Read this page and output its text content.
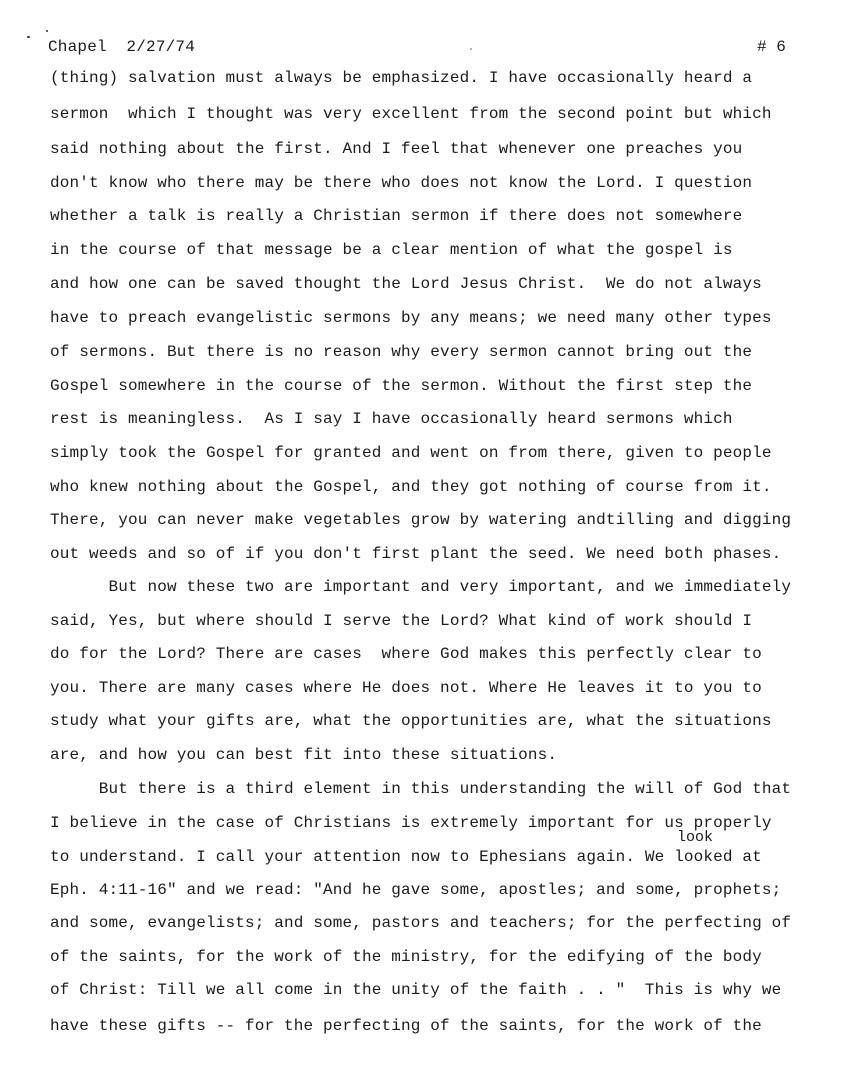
Chapel  2/27/74	# 6
(thing) salvation must always be emphasized. I have occasionally heard a
sermon  which I thought was very excellent from the second point but which
said nothing about the first. And I feel that whenever one preaches you
don't know who there may be there who does not know the Lord. I question
whether a talk is really a Christian sermon if there does not somewhere
in the course of that message be a clear mention of what the gospel is
and how one can be saved thought the Lord Jesus Christ.  We do not always
have to preach evangelistic sermons by any means; we need many other types
of sermons. But there is no reason why every sermon cannot bring out the
Gospel somewhere in the course of the sermon. Without the first step the
rest is meaningless.  As I say I have occasionally heard sermons which
simply took the Gospel for granted and went on from there, given to people
who knew nothing about the Gospel, and they got nothing of course from it.
There, you can never make vegetables grow by watering andtilling and digging
out weeds and so of if you don't first plant the seed. We need both phases.
But now these two are important and very important, and we immediately
said, Yes, but where should I serve the Lord? What kind of work should I
do for the Lord? There are cases  where God makes this perfectly clear to
you. There are many cases where He does not. Where He leaves it to you to
study what your gifts are, what the opportunities are, what the situations
are, and how you can best fit into these situations.
But there is a third element in this understanding the will of God that
I believe in the case of Christians is extremely important for us properly
look
to understand. I call your attention now to Ephesians again. We looked at
Eph. 4:11-16" and we read: "And he gave some, apostles; and some, prophets;
and some, evangelists; and some, pastors and teachers; for the perfecting of
of the saints, for the work of the ministry, for the edifying of the body
of Christ: Till we all come in the unity of the faith . . "  This is why we
have these gifts -- for the perfecting of the saints, for the work of the
